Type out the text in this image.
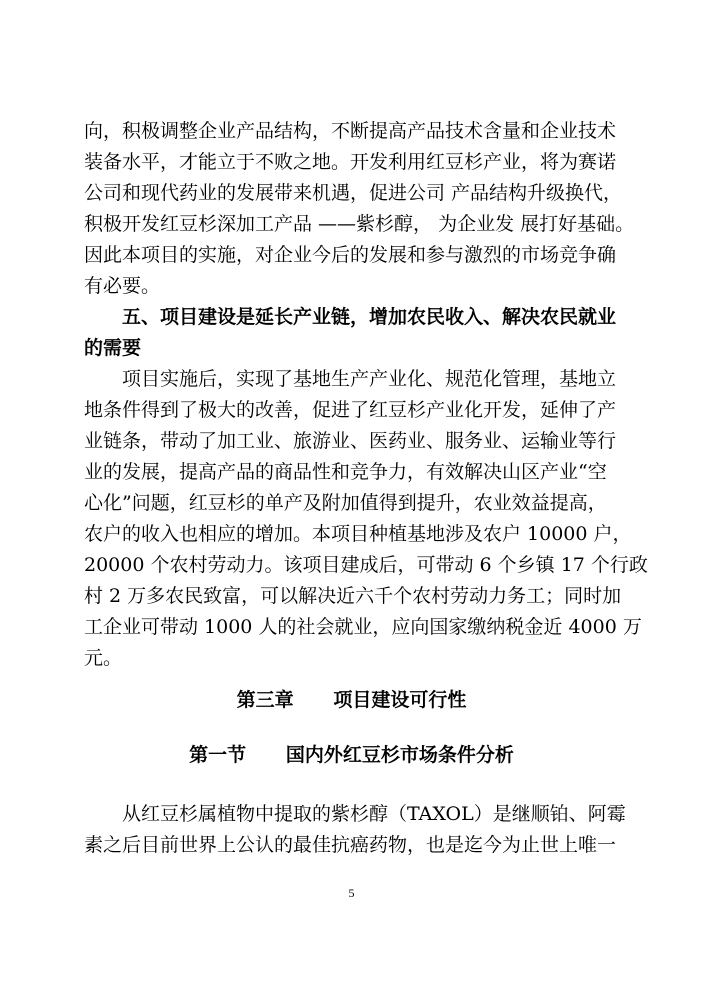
向，积极调整企业产品结构，不断提高产品技术含量和企业技术
装备水平，才能立于不败之地。开发利用红豆杉产业，将为赛诺
公司和现代药业的发展带来机遇，促进公司 产品结构升级换代，
积极开发红豆杉深加工产品 ——紫杉醇， 为企业发 展打好基础。
因此本项目的实施，对企业今后的发展和参与激烈的市场竞争确
有必要。
五、项目建设是延长产业链，增加农民收入、解决农民就业
的需要
项目实施后，实现了基地生产产业化、规范化管理，基地立
地条件得到了极大的改善，促进了红豆杉产业化开发，延伸了产
业链条，带动了加工业、旅游业、医药业、服务业、运输业等行
业的发展，提高产品的商品性和竞争力，有效解决山区产业“空
心化”问题，红豆杉的单产及附加值得到提升，农业效益提高，
农户的收入也相应的增加。本项目种植基地涉及农户 10000 户，
20000 个农村劳动力。该项目建成后，可带动 6 个乡镇 17 个行政
村 2 万多农民致富，可以解决近六千个农村劳动力务工；同时加
工企业可带动 1000 人的社会就业，应向国家缴纳税金近 4000 万
元。
第三章 项目建设可行性
第一节 国内外红豆杉市场条件分析
从红豆杉属植物中提取的紫杉醇（TAXOL）是继顺铂、阿霉
素之后目前世界上公认的最佳抗癌药物，也是迄今为止世上唯一
5
